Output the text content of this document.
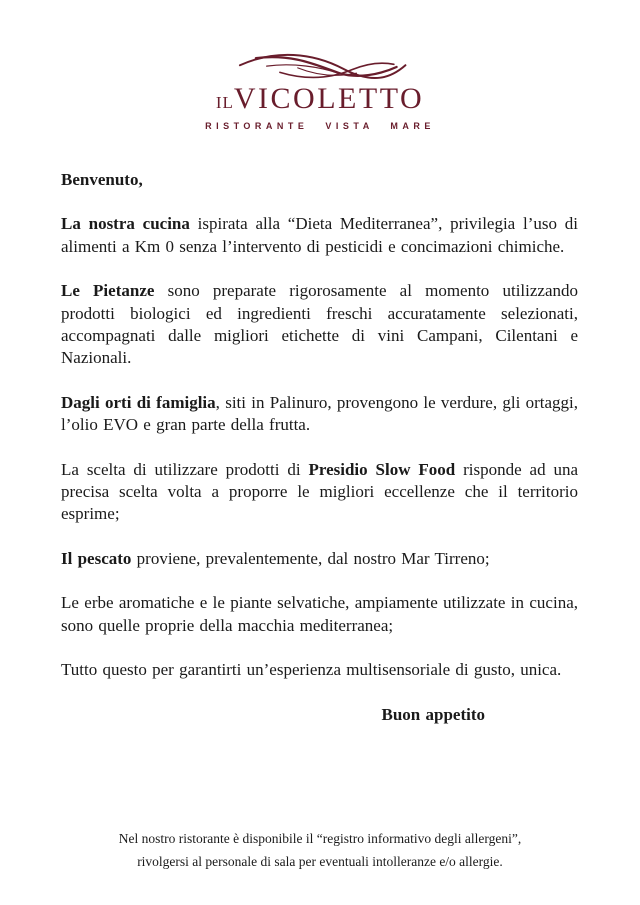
IL VICOLETTO
RISTORANTE VISTA MARE

Benvenuto,

La nostra cucina ispirata alla “Dieta Mediterranea”, privilegia l’uso di alimenti a Km 0 senza l’intervento di pesticidi e concimazioni chimiche.

Le Pietanze sono preparate rigorosamente al momento utilizzando prodotti biologici ed ingredienti freschi accuratamente selezionati, accompagnati dalle migliori etichette di vini Campani, Cilentani e Nazionali.

Dagli orti di famiglia, siti in Palinuro, provengono le verdure, gli ortaggi, l’olio EVO e gran parte della frutta.

La scelta di utilizzare prodotti di Presidio Slow Food risponde ad una precisa scelta volta a proporre le migliori eccellenze che il territorio esprime;

Il pescato proviene, prevalentemente, dal nostro Mar Tirreno;

Le erbe aromatiche e le piante selvatiche, ampiamente utilizzate in cucina, sono quelle proprie della macchia mediterranea;

Tutto questo per garantirti un’esperienza multisensoriale di gusto, unica.

Buon appetito

Nel nostro ristorante è disponibile il “registro informativo degli allergeni”,
rivolgersi al personale di sala per eventuali intolleranze e/o allergie.
